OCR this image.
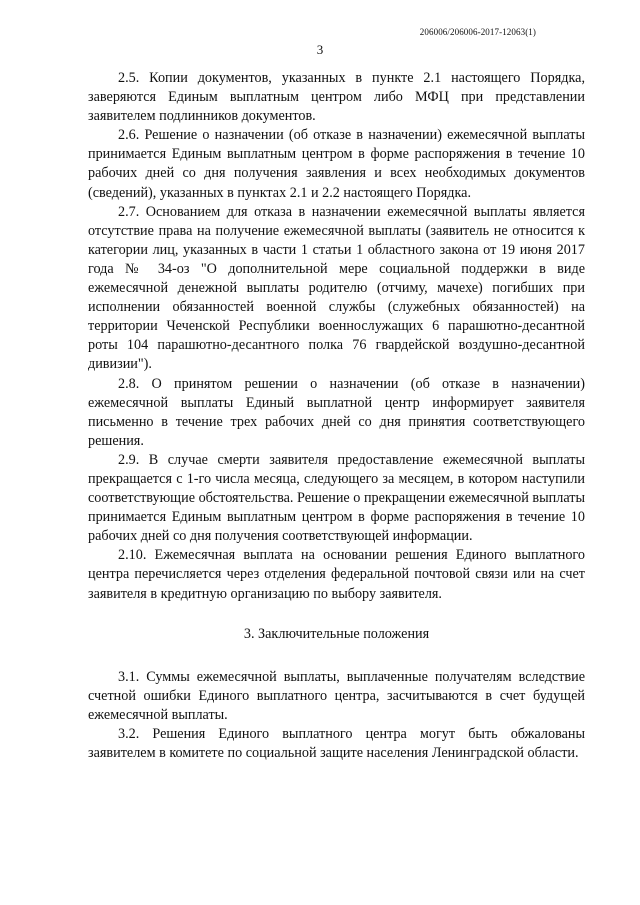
206006/206006-2017-12063(1)
3

2.5. Копии документов, указанных в пункте 2.1 настоящего Порядка, заверяются Единым выплатным центром либо МФЦ при представлении заявителем подлинников документов.

2.6. Решение о назначении (об отказе в назначении) ежемесячной выплаты принимается Единым выплатным центром в форме распоряжения в течение 10 рабочих дней со дня получения заявления и всех необходимых документов (сведений), указанных в пунктах 2.1 и 2.2 настоящего Порядка.

2.7. Основанием для отказа в назначении ежемесячной выплаты является отсутствие права на получение ежемесячной выплаты (заявитель не относится к категории лиц, указанных в части 1 статьи 1 областного закона от 19 июня 2017 года № 34-оз "О дополнительной мере социальной поддержки в виде ежемесячной денежной выплаты родителю (отчиму, мачехе) погибших при исполнении обязанностей военной службы (служебных обязанностей) на территории Чеченской Республики военнослужащих 6 парашютно-десантной роты 104 парашютно-десантного полка 76 гвардейской воздушно-десантной дивизии").

2.8. О принятом решении о назначении (об отказе в назначении) ежемесячной выплаты Единый выплатной центр информирует заявителя письменно в течение трех рабочих дней со дня принятия соответствующего решения.

2.9. В случае смерти заявителя предоставление ежемесячной выплаты прекращается с 1-го числа месяца, следующего за месяцем, в котором наступили соответствующие обстоятельства. Решение о прекращении ежемесячной выплаты принимается Единым выплатным центром в форме распоряжения в течение 10 рабочих дней со дня получения соответствующей информации.

2.10. Ежемесячная выплата на основании решения Единого выплатного центра перечисляется через отделения федеральной почтовой связи или на счет заявителя в кредитную организацию по выбору заявителя.

3. Заключительные положения

3.1. Суммы ежемесячной выплаты, выплаченные получателям вследствие счетной ошибки Единого выплатного центра, засчитываются в счет будущей ежемесячной выплаты.

3.2. Решения Единого выплатного центра могут быть обжалованы заявителем в комитете по социальной защите населения Ленинградской области.
